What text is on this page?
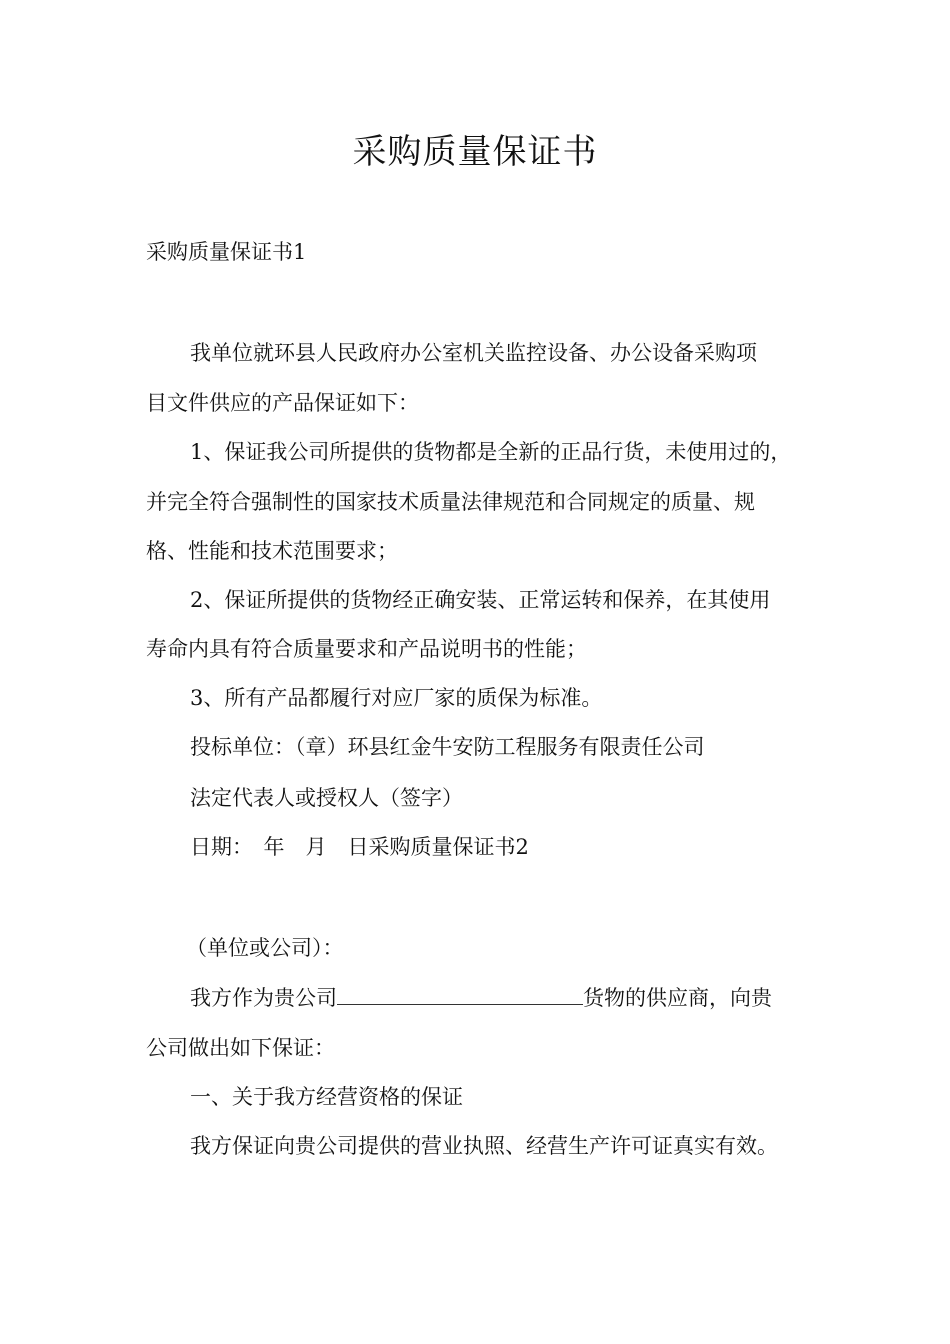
采购质量保证书
采购质量保证书1
我单位就环县人民政府办公室机关监控设备、办公设备采购项
目文件供应的产品保证如下：
1、保证我公司所提供的货物都是全新的正品行货，未使用过的，
并完全符合强制性的国家技术质量法律规范和合同规定的质量、规
格、性能和技术范围要求；
2、保证所提供的货物经正确安装、正常运转和保养，在其使用
寿命内具有符合质量要求和产品说明书的性能；
3、所有产品都履行对应厂家的质保为标准。
投标单位：（章）环县红金牛安防工程服务有限责任公司
法定代表人或授权人（签字）
日期：　年　月　日采购质量保证书2
（单位或公司）：
我方作为贵公司	货物的供应商，向贵
公司做出如下保证：
一、关于我方经营资格的保证
我方保证向贵公司提供的营业执照、经营生产许可证真实有效。
